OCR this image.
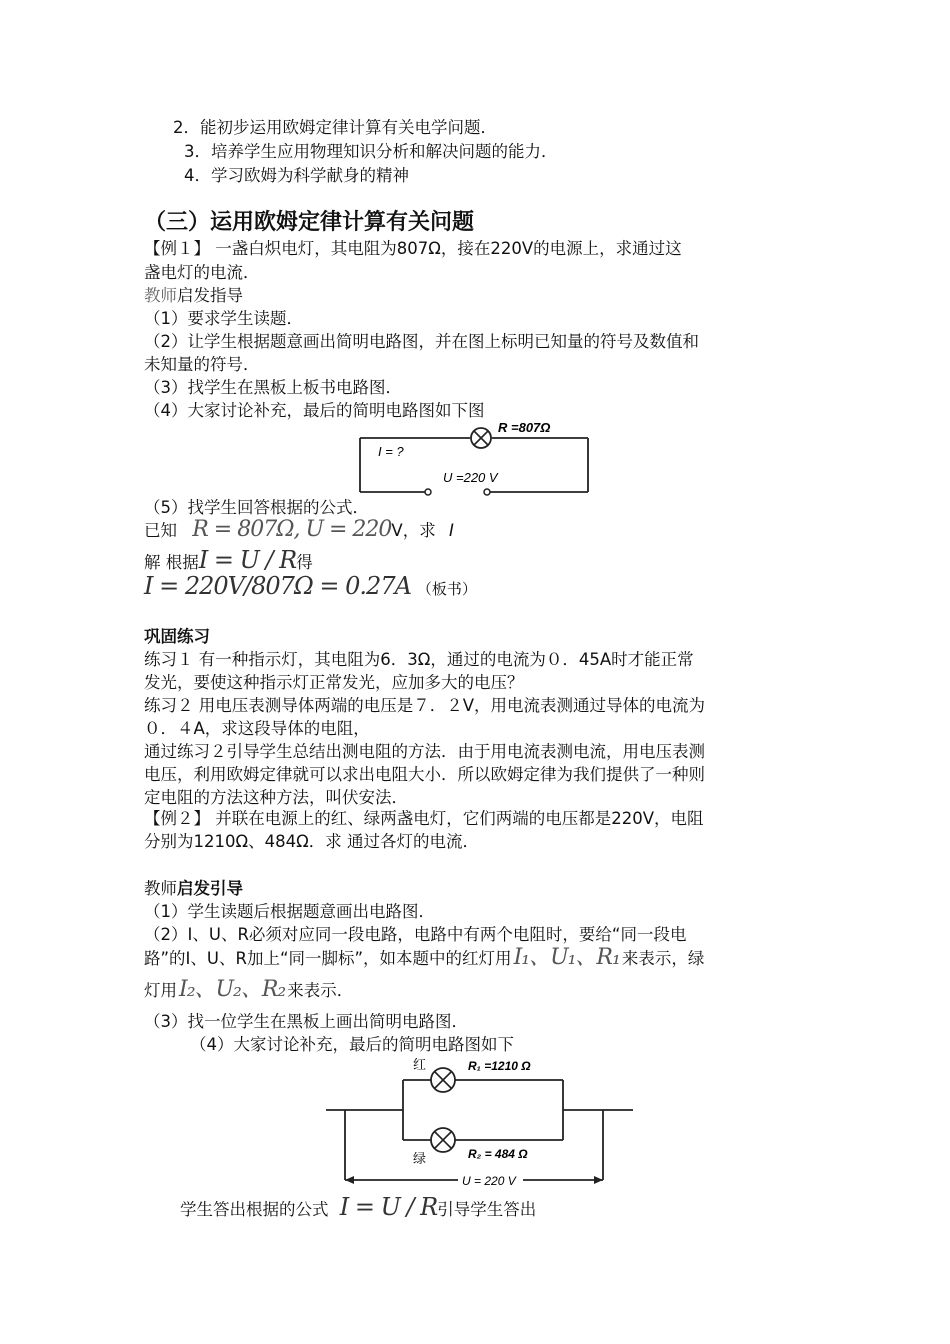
2．能初步运用欧姆定律计算有关电学问题．
3．培养学生应用物理知识分析和解决问题的能力．
4．学习欧姆为科学献身的精神
（三）运用欧姆定律计算有关问题
【例１】 一盏白炽电灯，其电阻为807Ω，接在220V的电源上，求通过这
盏电灯的电流．
教师启发指导
（1）要求学生读题．
（2）让学生根据题意画出简明电路图，并在图上标明已知量的符号及数值和
未知量的符号．
（3）找学生在黑板上板书电路图．
（4）大家讨论补充，最后的简明电路图如下图
R =807Ω
I = ?
U =220 V
（5）找学生回答根据的公式．
已知 R = 807Ω, U = 220V，求 I
解 根据I = U / R得
I = 220V/807Ω = 0.27A （板书）
巩固练习
练习１ 有一种指示灯，其电阻为6．3Ω，通过的电流为０．45A时才能正常
发光，要使这种指示灯正常发光，应加多大的电压？
练习２ 用电压表测导体两端的电压是７．２V，用电流表测通过导体的电流为
０．４A，求这段导体的电阻，
通过练习２引导学生总结出测电阻的方法．由于用电流表测电流，用电压表测
电压，利用欧姆定律就可以求出电阻大小．所以欧姆定律为我们提供了一种则
定电阻的方法这种方法，叫伏安法．
【例２】 并联在电源上的红、绿两盏电灯，它们两端的电压都是220V，电阻
分别为1210Ω、484Ω．求 通过各灯的电流．
教师启发引导
（1）学生读题后根据题意画出电路图．
（2）I、U、R必须对应同一段电路，电路中有两个电阻时，要给“同一段电
路”的I、U、R加上“同一脚标”，如本题中的红灯用I₁、U₁、R₁ 来表示，绿
灯用I₂、U₂、R₂ 来表示．
（3）找一位学生在黑板上画出简明电路图．
（4）大家讨论补充，最后的简明电路图如下
红
绿
R₁ =1210 Ω
R₂ = 484 Ω
U = 220 V
学生答出根据的公式 I = U / R引导学生答出
